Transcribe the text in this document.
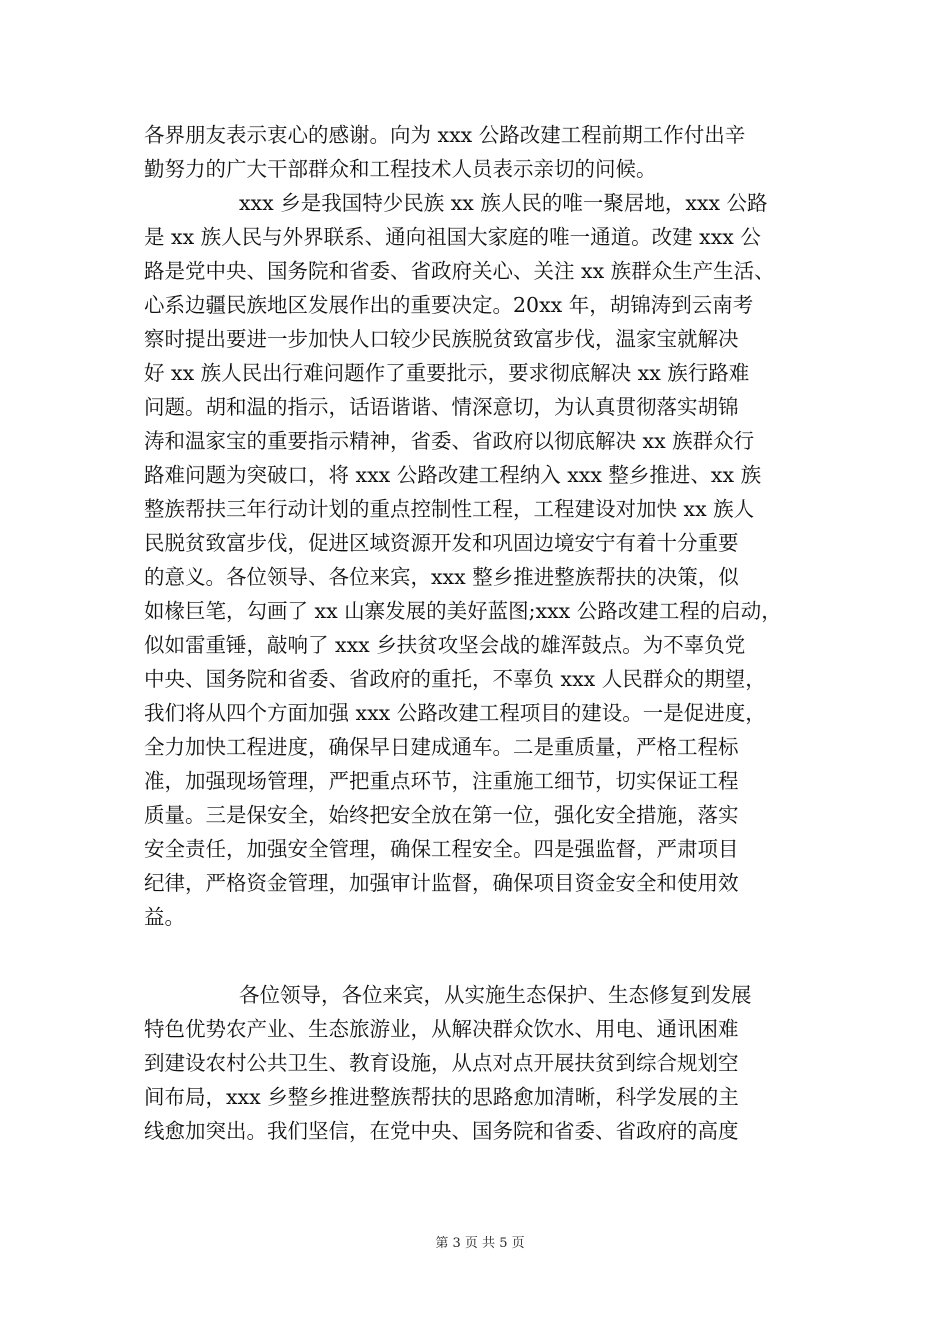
各界朋友表示衷心的感谢。向为 xxx 公路改建工程前期工作付出辛

勤努力的广大干部群众和工程技术人员表示亲切的问候。

xxx 乡是我国特少民族 xx 族人民的唯一聚居地，xxx 公路

是 xx 族人民与外界联系、通向祖国大家庭的唯一通道。改建 xxx 公

路是党中央、国务院和省委、省政府关心、关注 xx 族群众生产生活、

心系边疆民族地区发展作出的重要决定。20xx 年，胡锦涛到云南考

察时提出要进一步加快人口较少民族脱贫致富步伐，温家宝就解决

好 xx 族人民出行难问题作了重要批示，要求彻底解决 xx 族行路难

问题。胡和温的指示，话语谐谐、情深意切，为认真贯彻落实胡锦

涛和温家宝的重要指示精神，省委、省政府以彻底解决 xx 族群众行

路难问题为突破口，将 xxx 公路改建工程纳入 xxx 整乡推进、xx 族

整族帮扶三年行动计划的重点控制性工程，工程建设对加快 xx 族人

民脱贫致富步伐，促进区域资源开发和巩固边境安宁有着十分重要

的意义。各位领导、各位来宾，xxx 整乡推进整族帮扶的决策，似

如椽巨笔，勾画了 xx 山寨发展的美好蓝图;xxx 公路改建工程的启动，

似如雷重锤，敲响了 xxx 乡扶贫攻坚会战的雄浑鼓点。为不辜负党

中央、国务院和省委、省政府的重托，不辜负 xxx 人民群众的期望，

我们将从四个方面加强 xxx 公路改建工程项目的建设。一是促进度，

全力加快工程进度，确保早日建成通车。二是重质量，严格工程标

准，加强现场管理，严把重点环节，注重施工细节，切实保证工程

质量。三是保安全，始终把安全放在第一位，强化安全措施，落实

安全责任，加强安全管理，确保工程安全。四是强监督，严肃项目

纪律，严格资金管理，加强审计监督，确保项目资金安全和使用效

益。

各位领导，各位来宾，从实施生态保护、生态修复到发展

特色优势农产业、生态旅游业，从解决群众饮水、用电、通讯困难

到建设农村公共卫生、教育设施，从点对点开展扶贫到综合规划空

间布局，xxx 乡整乡推进整族帮扶的思路愈加清晰，科学发展的主

线愈加突出。我们坚信，在党中央、国务院和省委、省政府的高度

第 3 页 共 5 页
